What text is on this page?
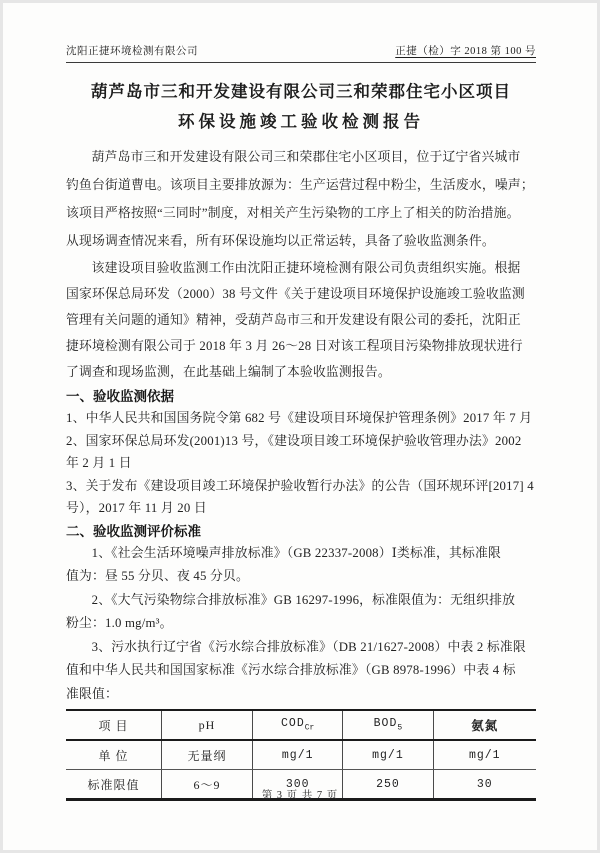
沈阳正捷环境检测有限公司	正捷（检）字 2018 第 100 号
葫芦岛市三和开发建设有限公司三和荣郡住宅小区项目
环保设施竣工验收检测报告
葫芦岛市三和开发建设有限公司三和荣郡住宅小区项目，位于辽宁省兴城市
钓鱼台街道曹电。该项目主要排放源为：生产运营过程中粉尘，生活废水，噪声；
该项目严格按照“三同时”制度，对相关产生污染物的工序上了相关的防治措施。
从现场调查情况来看，所有环保设施均以正常运转，具备了验收监测条件。
该建设项目验收监测工作由沈阳正捷环境检测有限公司负责组织实施。根据
国家环保总局环发（2000）38 号文件《关于建设项目环境保护设施竣工验收监测
管理有关问题的通知》精神，受葫芦岛市三和开发建设有限公司的委托，沈阳正
捷环境检测有限公司于 2018 年 3 月 26～28 日对该工程项目污染物排放现状进行
了调查和现场监测，在此基础上编制了本验收监测报告。
一、验收监测依据
1、中华人民共和国国务院令第 682 号《建设项目环境保护管理条例》2017 年 7 月
2、国家环保总局环发(2001)13 号，《建设项目竣工环境保护验收管理办法》2002
年 2 月 1 日
3、关于发布《建设项目竣工环境保护验收暂行办法》的公告（国环规环评[2017] 4
号），2017 年 11 月 20 日
二、验收监测评价标准
1、《社会生活环境噪声排放标准》（GB 22337-2008）Ⅰ类标准，其标准限
值为：昼 55 分贝、夜 45 分贝。
2、《大气污染物综合排放标准》GB 16297-1996，标准限值为：无组织排放
粉尘：1.0 mg/m³。
3、污水执行辽宁省《污水综合排放标准》（DB 21/1627-2008）中表 2 标准限
值和中华人民共和国国家标准《污水综合排放标准》（GB 8978-1996）中表 4 标
准限值：
项 目	pH	$COD_{Cr}$	$BOD_5$	氨氮
单 位	无量纲	mg/1	mg/1	mg/1
标准限值	6～9	300	250	30
第 3 页 共 7 页
